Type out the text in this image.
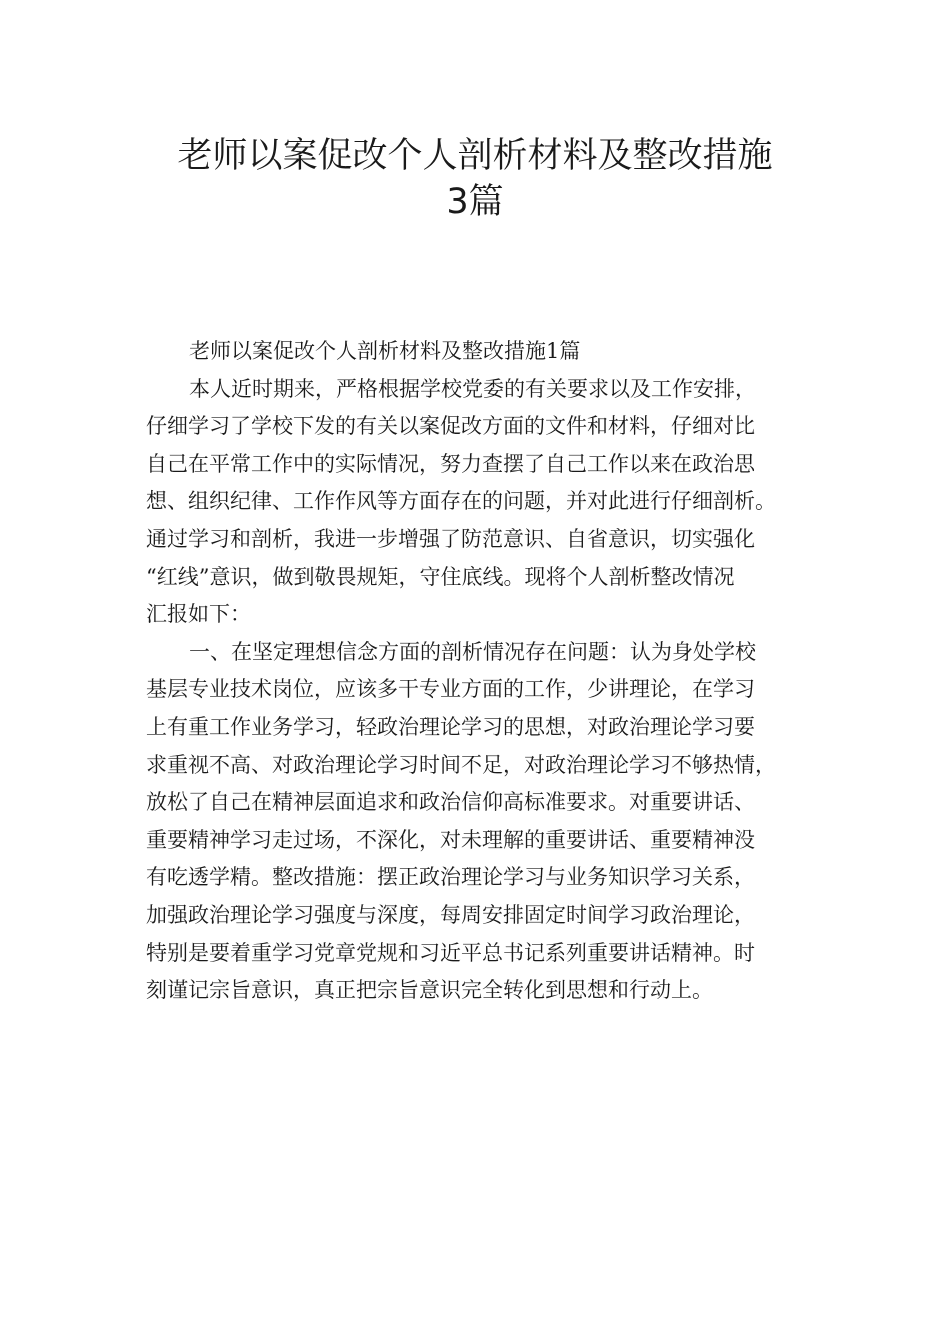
老师以案促改个人剖析材料及整改措施
3篇
老师以案促改个人剖析材料及整改措施1篇
本人近时期来，严格根据学校党委的有关要求以及工作安排，
仔细学习了学校下发的有关以案促改方面的文件和材料，仔细对比
自己在平常工作中的实际情况，努力查摆了自己工作以来在政治思
想、组织纪律、工作作风等方面存在的问题，并对此进行仔细剖析。
通过学习和剖析，我进一步增强了防范意识、自省意识，切实强化
“红线”意识，做到敬畏规矩，守住底线。现将个人剖析整改情况
汇报如下：
一、在坚定理想信念方面的剖析情况存在问题：认为身处学校
基层专业技术岗位，应该多干专业方面的工作，少讲理论，在学习
上有重工作业务学习，轻政治理论学习的思想，对政治理论学习要
求重视不高、对政治理论学习时间不足，对政治理论学习不够热情，
放松了自己在精神层面追求和政治信仰高标准要求。对重要讲话、
重要精神学习走过场，不深化，对未理解的重要讲话、重要精神没
有吃透学精。整改措施：摆正政治理论学习与业务知识学习关系，
加强政治理论学习强度与深度，每周安排固定时间学习政治理论，
特别是要着重学习党章党规和习近平总书记系列重要讲话精神。时
刻谨记宗旨意识，真正把宗旨意识完全转化到思想和行动上。
